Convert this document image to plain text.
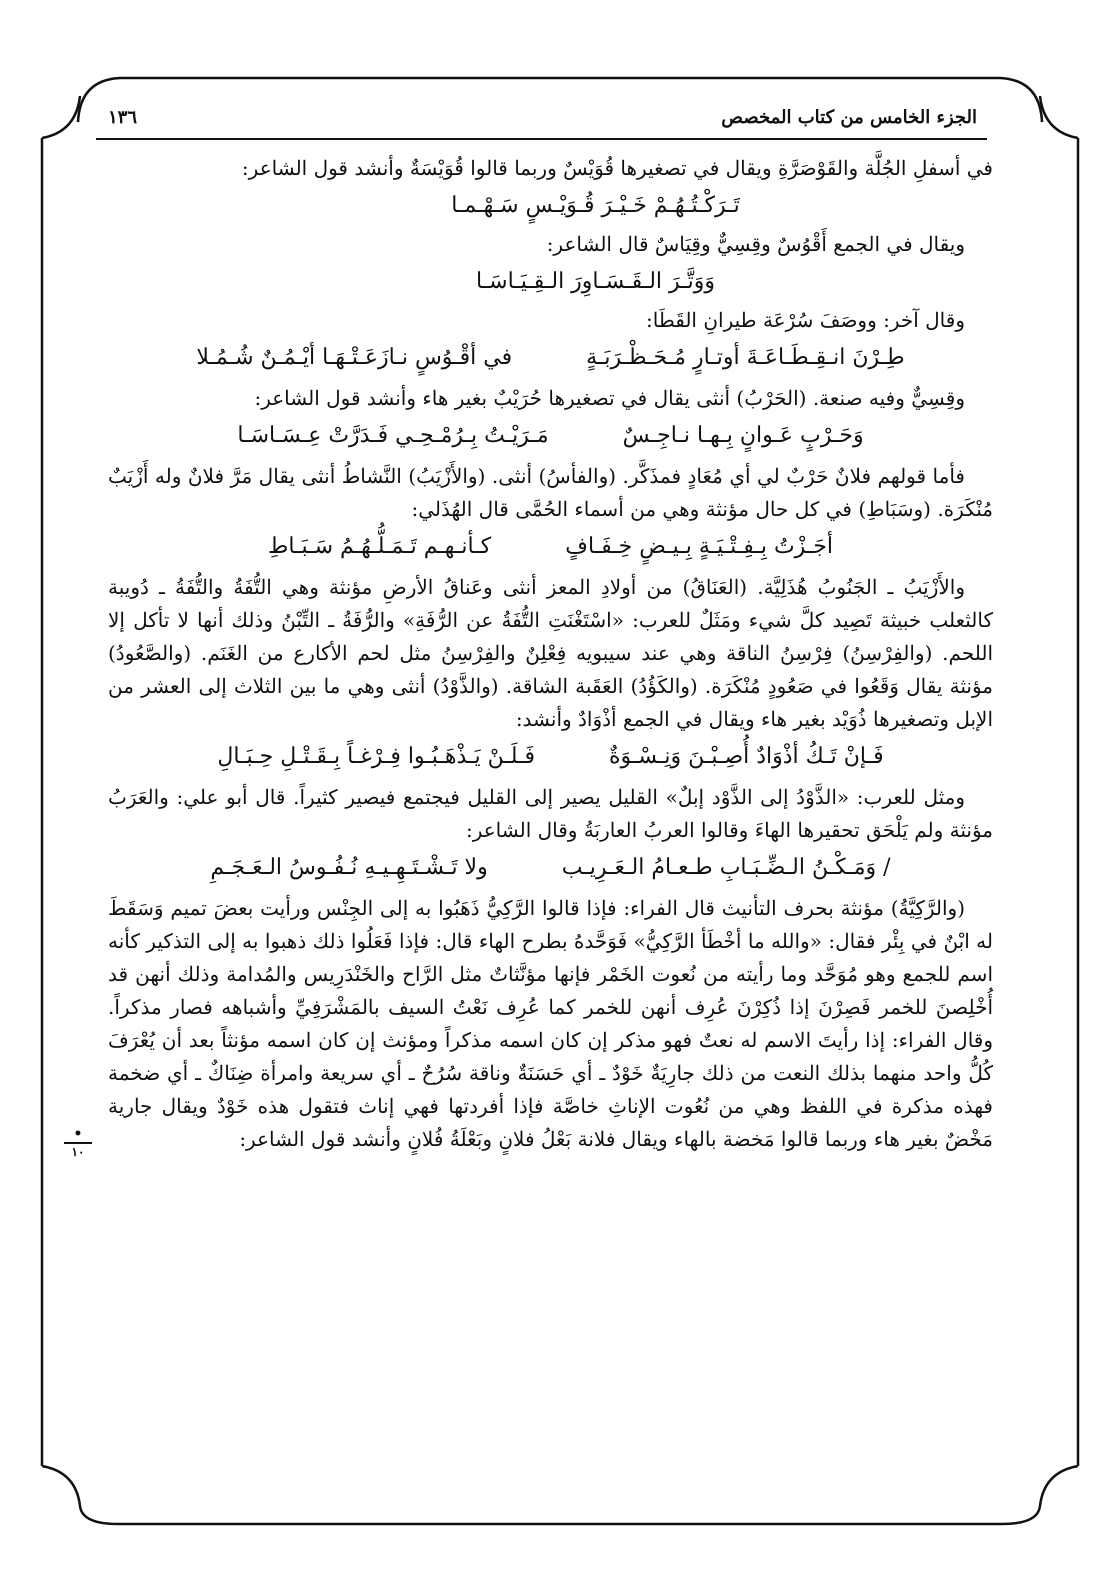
الجزء الخامس من كتاب المخصص
١٣٦
•
١٠

في أسفلِ الجُلَّة والقَوْصَرَّةِ ويقال في تصغيرها قُوَيْسٌ وربما قالوا قُوَيْسَةٌ وأنشد قول الشاعر:

تَـرَكْـتُـهُـمْ خَـيْـرَ قُـوَيْـسٍ سَـهْـمـا

ويقال في الجمع أَقْوُسٌ وقِسِيٌّ وقِيَاسٌ قال الشاعر:

وَوَتَّـرَ الـقَـسَـاوِرَ الـقِـيَـاسَـا

وقال آخر: ووصَفَ سُرْعَة طيرانِ القَطَا:

طِـرْنَ انـقِـطَـاعَـةَ أوتـارٍ مُـحَـظْـرَبَـةٍ
في أقْـوُسٍ نـازَعَـتْـهَـا أيْـمُـنٌ شُـمُـلا

وقِسِيٌّ وفيه صنعة. (الحَرْبُ) أنثى يقال في تصغيرها حُرَيْبٌ بغير هاء وأنشد قول الشاعر:

وَحَـرْبٍ عَـوانٍ بِـهـا نـاجِـسٌ
مَـرَيْـتُ بِـرُمْـحِـي فَـدَرَّتْ عِـسَـاسَـا

فأما قولهم فلانٌ حَرْبٌ لي أي مُعَادٍ فمذَكَّر. (والفأسُ) أنثى. (والأَزْيَبُ) النَّشاطُ أنثى يقال مَرَّ فلانٌ وله أَزْيَبٌ مُنْكَرَة. (وسَبَاطِ) في كل حال مؤنثة وهي من أسماء الحُمَّى قال الهُذَلي:

أجَـزْتُ بِـفِـتْـيَـةٍ بِـيـضٍ خِـفَـافٍ
كـأنـهـم تَـمَـلُّـهُـمُ سَـبَـاطِ

والأَزْيَبُ ـ الجَنُوبُ هُذَلِيَّة. (العَنَاقُ) من أولادِ المعز أنثى وعَناقُ الأرضِ مؤنثة وهي التُّفَةُ والتُّفَةُ ـ دُويبة كالثعلب خبيثة تَصِيد كلَّ شيء ومَثَلٌ للعرب: «اسْتَغْنَتِ التُّفَةُ عن الرُّفَةِ» والرُّفَةُ ـ التِّبْنُ وذلك أنها لا تأكل إلا اللحم. (والفِرْسِنُ) فِرْسِنُ الناقة وهي عند سيبويه فِعْلِنٌ والفِرْسِنُ مثل لحم الأكارع من الغَنَم. (والصَّعُودُ) مؤنثة يقال وَقَعُوا في صَعُودٍ مُنْكَرَة. (والكَؤُدُ) العَقَبة الشاقة. (والذَّوْدُ) أنثى وهي ما بين الثلاث إلى العشر من الإبل وتصغيرها ذُوَيْد بغير هاء ويقال في الجمع أذْوَادٌ وأنشد:

فَـإنْ تَـكُ أذْوَادٌ أُصِـبْـنَ وَنِـسْـوَةٌ
فَـلَـنْ يَـذْهَـبُـوا فِـرْغـاً بِـقَـتْـلِ حِـبَـالِ

ومثل للعرب: «الذَّوْدُ إلى الذَّوْد إبلٌ» القليل يصير إلى القليل فيجتمع فيصير كثيراً. قال أبو علي: والعَرَبُ مؤنثة ولم يَلْحَق تحقيرها الهاءَ وقالوا العربُ العاربَةُ وقال الشاعر:

/ وَمَـكْـنُ الـضِّـبَـابِ طـعـامُ الـعَـرِيـب
ولا تَـشْـتَـهِـيـهِ نُـفُـوسُ الـعَـجَـمِ

(والرَّكِيَّةُ) مؤنثة بحرف التأنيث قال الفراء: فإذا قالوا الرَّكِيُّ ذَهَبُوا به إلى الجِنْس ورأيت بعضَ تميم وَسَقَطَ له ابْنٌ في بِئْر فقال: «والله ما أخْطَأ الرَّكِيُّ» فَوَحَّدهُ بطرح الهاء قال: فإذا فَعَلُوا ذلك ذهبوا به إلى التذكير كأنه اسم للجمع وهو مُوَحَّد وما رأيته من نُعوت الخَمْر فإنها مؤنَّثاتٌ مثل الرَّاح والخَنْدَرِيس والمُدامة وذلك أنهن قد أُخْلِصنَ للخمر فَصِرْنَ إذا ذُكِرْنَ عُرِف أنهن للخمر كما عُرِف نَعْتُ السيف بالمَشْرَفِيِّ وأشباهه فصار مذكراً. وقال الفراء: إذا رأيتَ الاسم له نعتٌ فهو مذكر إن كان اسمه مذكراً ومؤنث إن كان اسمه مؤنثاً بعد أن يُعْرَفَ كُلُّ واحد منهما بذلك النعت من ذلك جارِيَةٌ خَوْدٌ ـ أي حَسَنَةٌ وناقة سُرُحٌ ـ أي سريعة وامرأة ضِنَاكٌ ـ أي ضخمة فهذه مذكرة في اللفظ وهي من نُعُوت الإناثِ خاصَّة فإذا أفردتها فهي إناث فتقول هذه خَوْدٌ ويقال جارية مَخْضٌ بغير هاء وربما قالوا مَخضة بالهاء ويقال فلانة بَعْلُ فلانٍ وبَعْلَةُ فُلانٍ وأنشد قول الشاعر:
